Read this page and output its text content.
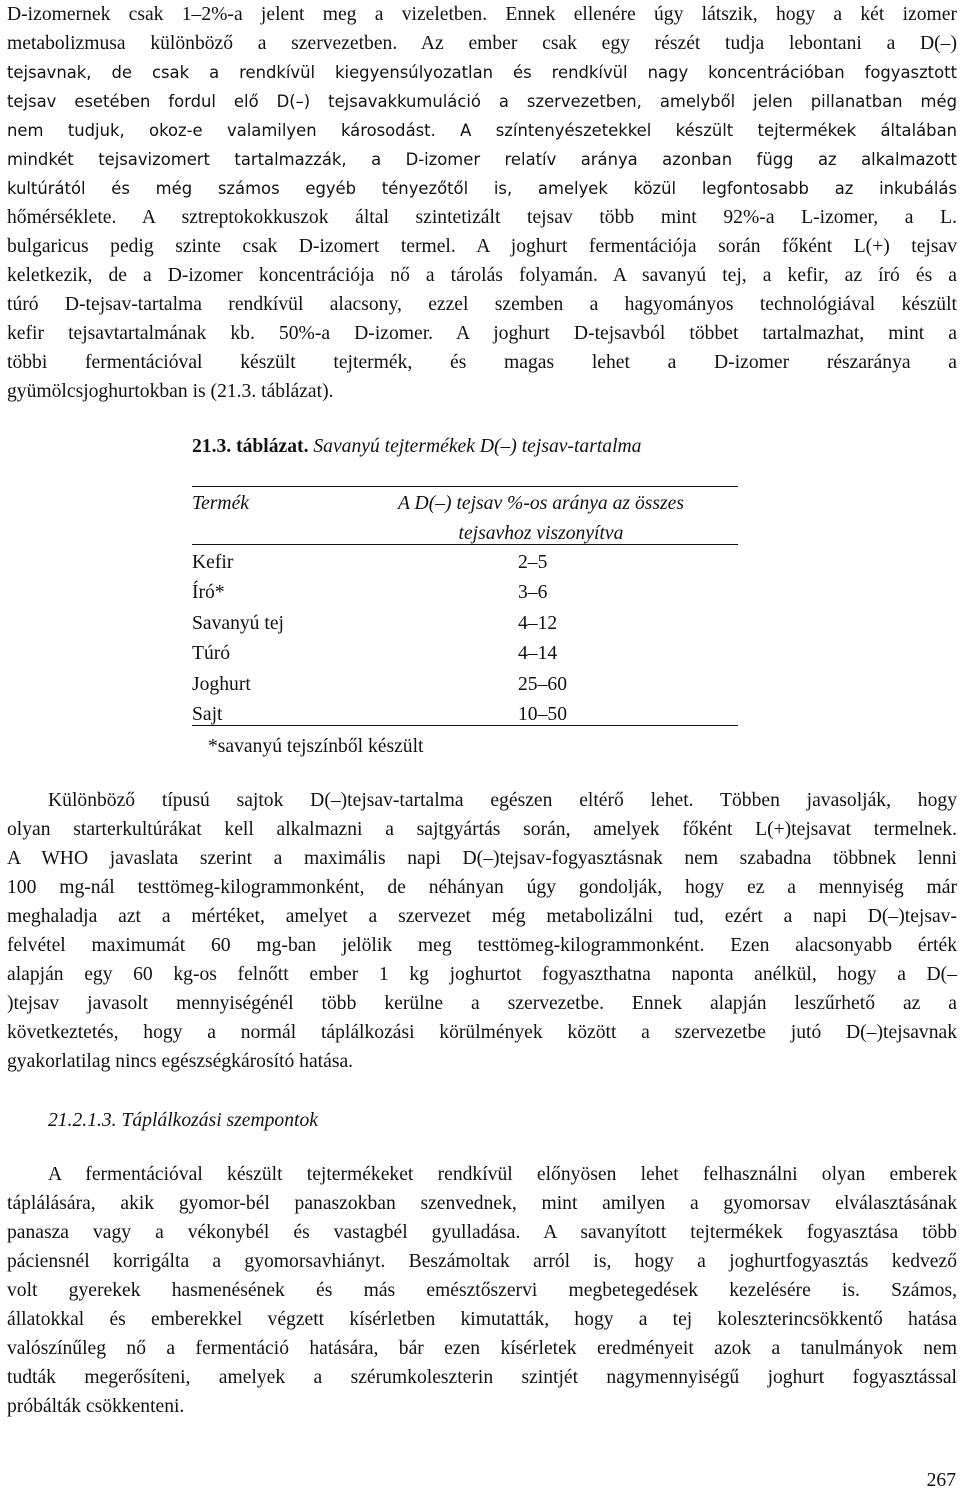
D-izomernek csak 1–2%-a jelent meg a vizeletben. Ennek ellenére úgy látszik, hogy a két izomer
metabolizmusa különböző a szervezetben. Az ember csak egy részét tudja lebontani a D(–)
tejsavnak, de csak a rendkívül kiegyensúlyozatlan és rendkívül nagy koncentrációban fogyasztott
tejsav esetében fordul elő D(–) tejsavakkumuláció a szervezetben, amelyből jelen pillanatban még
nem tudjuk, okoz-e valamilyen károsodást. A színtenyészetekkel készült tejtermékek általában
mindkét tejsavizomert tartalmazzák, a D-izomer relatív aránya azonban függ az alkalmazott
kultúrától és még számos egyéb tényezőtől is, amelyek közül legfontosabb az inkubálás
hőmérséklete. A sztreptokokkuszok által szintetizált tejsav több mint 92%-a L-izomer, a L.
bulgaricus pedig szinte csak D-izomert termel. A joghurt fermentációja során főként L(+) tejsav
keletkezik, de a D-izomer koncentrációja nő a tárolás folyamán. A savanyú tej, a kefir, az író és a
túró D-tejsav-tartalma rendkívül alacsony, ezzel szemben a hagyományos technológiával készült
kefir tejsavtartalmának kb. 50%-a D-izomer. A joghurt D-tejsavból többet tartalmazhat, mint a
többi fermentációval készült tejtermék, és magas lehet a D-izomer részaránya a
gyümölcsjoghurtokban is (21.3. táblázat).
21.3. táblázat. Savanyú tejtermékek D(–) tejsav-tartalma
Termék	A D(–) tejsav %-os aránya az összes
tejsavhoz viszonyítva
Kefir	2–5
Író*	3–6
Savanyú tej	4–12
Túró	4–14
Joghurt	25–60
Sajt	10–50
*savanyú tejszínből készült
Különböző típusú sajtok D(–)tejsav-tartalma egészen eltérő lehet. Többen javasolják, hogy
olyan starterkultúrákat kell alkalmazni a sajtgyártás során, amelyek főként L(+)tejsavat termelnek.
A WHO javaslata szerint a maximális napi D(–)tejsav-fogyasztásnak nem szabadna többnek lenni
100 mg-nál testtömeg-kilogrammonként, de néhányan úgy gondolják, hogy ez a mennyiség már
meghaladja azt a mértéket, amelyet a szervezet még metabolizálni tud, ezért a napi D(–)tejsav-
felvétel maximumát 60 mg-ban jelölik meg testtömeg-kilogrammonként. Ezen alacsonyabb érték
alapján egy 60 kg-os felnőtt ember 1 kg joghurtot fogyaszthatna naponta anélkül, hogy a D(–
)tejsav javasolt mennyiségénél több kerülne a szervezetbe. Ennek alapján leszűrhető az a
következtetés, hogy a normál táplálkozási körülmények között a szervezetbe jutó D(–)tejsavnak
gyakorlatilag nincs egészségkárosító hatása.
21.2.1.3. Táplálkozási szempontok
A fermentációval készült tejtermékeket rendkívül előnyösen lehet felhasználni olyan emberek
táplálására, akik gyomor-bél panaszokban szenvednek, mint amilyen a gyomorsav elválasztásának
panasza vagy a vékonybél és vastagbél gyulladása. A savanyított tejtermékek fogyasztása több
páciensnél korrigálta a gyomorsavhiányt. Beszámoltak arról is, hogy a joghurtfogyasztás kedvező
volt gyerekek hasmenésének és más emésztőszervi megbetegedések kezelésére is. Számos,
állatokkal és emberekkel végzett kísérletben kimutatták, hogy a tej koleszterincsökkentő hatása
valószínűleg nő a fermentáció hatására, bár ezen kísérletek eredményeit azok a tanulmányok nem
tudták megerősíteni, amelyek a szérumkoleszterin szintjét nagymennyiségű joghurt fogyasztással
próbálták csökkenteni.
267
